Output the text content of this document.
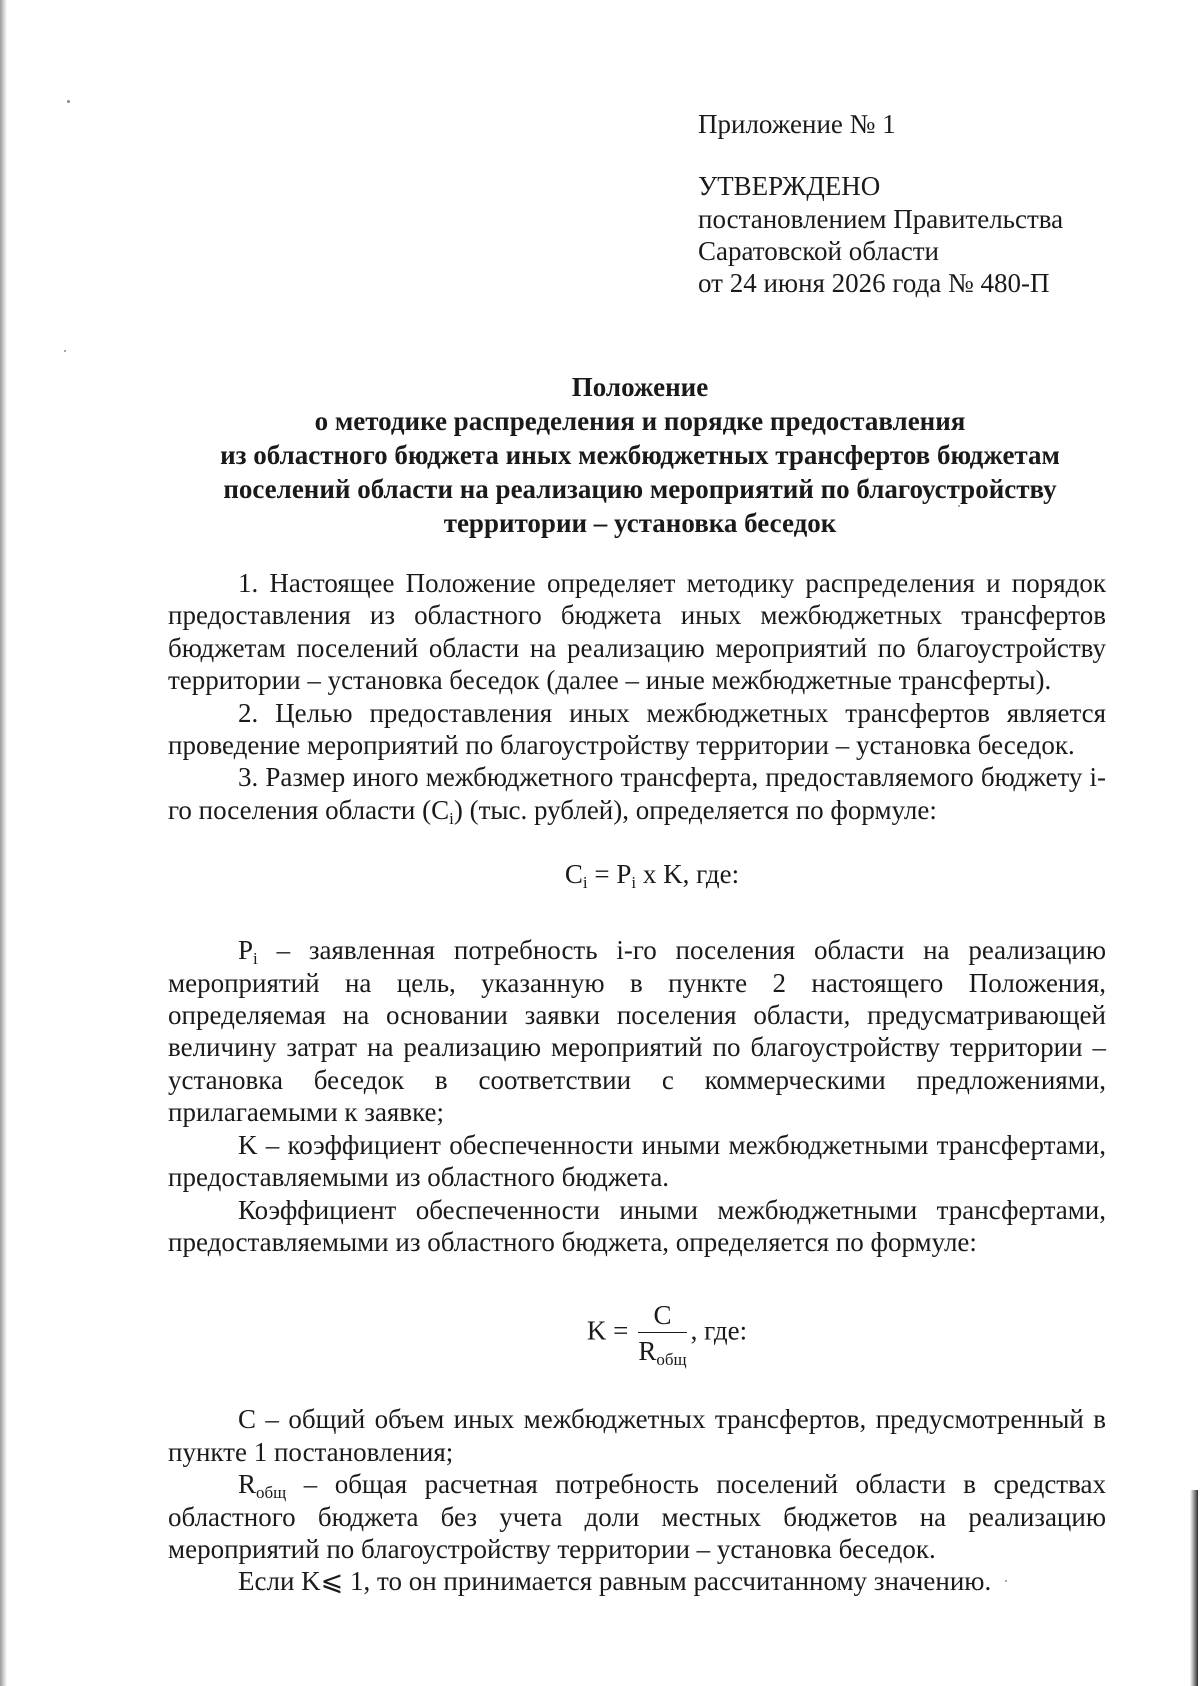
Приложение № 1
УТВЕРЖДЕНО
постановлением Правительства
Саратовской области
от 24 июня 2026 года № 480-П
Положение
о методике распределения и порядке предоставления
из областного бюджета иных межбюджетных трансфертов бюджетам
поселений области на реализацию мероприятий по благоустройству
территории – установка беседок

1. Настоящее Положение определяет методику распределения и порядок предоставления из областного бюджета иных межбюджетных трансфертов бюджетам поселений области на реализацию мероприятий по благоустройству территории – установка беседок (далее – иные межбюджетные трансферты).

2. Целью предоставления иных межбюджетных трансфертов является проведение мероприятий по благоустройству территории – установка беседок.

3. Размер иного межбюджетного трансферта, предоставляемого бюджету i-го поселения области $(C_i)$ (тыс. рублей), определяется по формуле:

$C_i = P_i$ x K, где:

$P_i$ – заявленная потребность i-го поселения области на реализацию мероприятий на цель, указанную в пункте 2 настоящего Положения, определяемая на основании заявки поселения области, предусматривающей величину затрат на реализацию мероприятий по благоустройству территории – установка беседок в соответствии с коммерческими предложениями, прилагаемыми к заявке;

K – коэффициент обеспеченности иными межбюджетными трансфертами, предоставляемыми из областного бюджета.

Коэффициент обеспеченности иными межбюджетными трансфертами, предоставляемыми из областного бюджета, определяется по формуле:

$K = \frac{C}{R_{общ}}$ , где:

C – общий объем иных межбюджетных трансфертов, предусмотренный в пункте 1 постановления;

$R_{общ}$ – общая расчетная потребность поселений области в средствах областного бюджета без учета доли местных бюджетов на реализацию мероприятий по благоустройству территории – установка беседок.

Если K⩽ 1, то он принимается равным рассчитанному значению.
